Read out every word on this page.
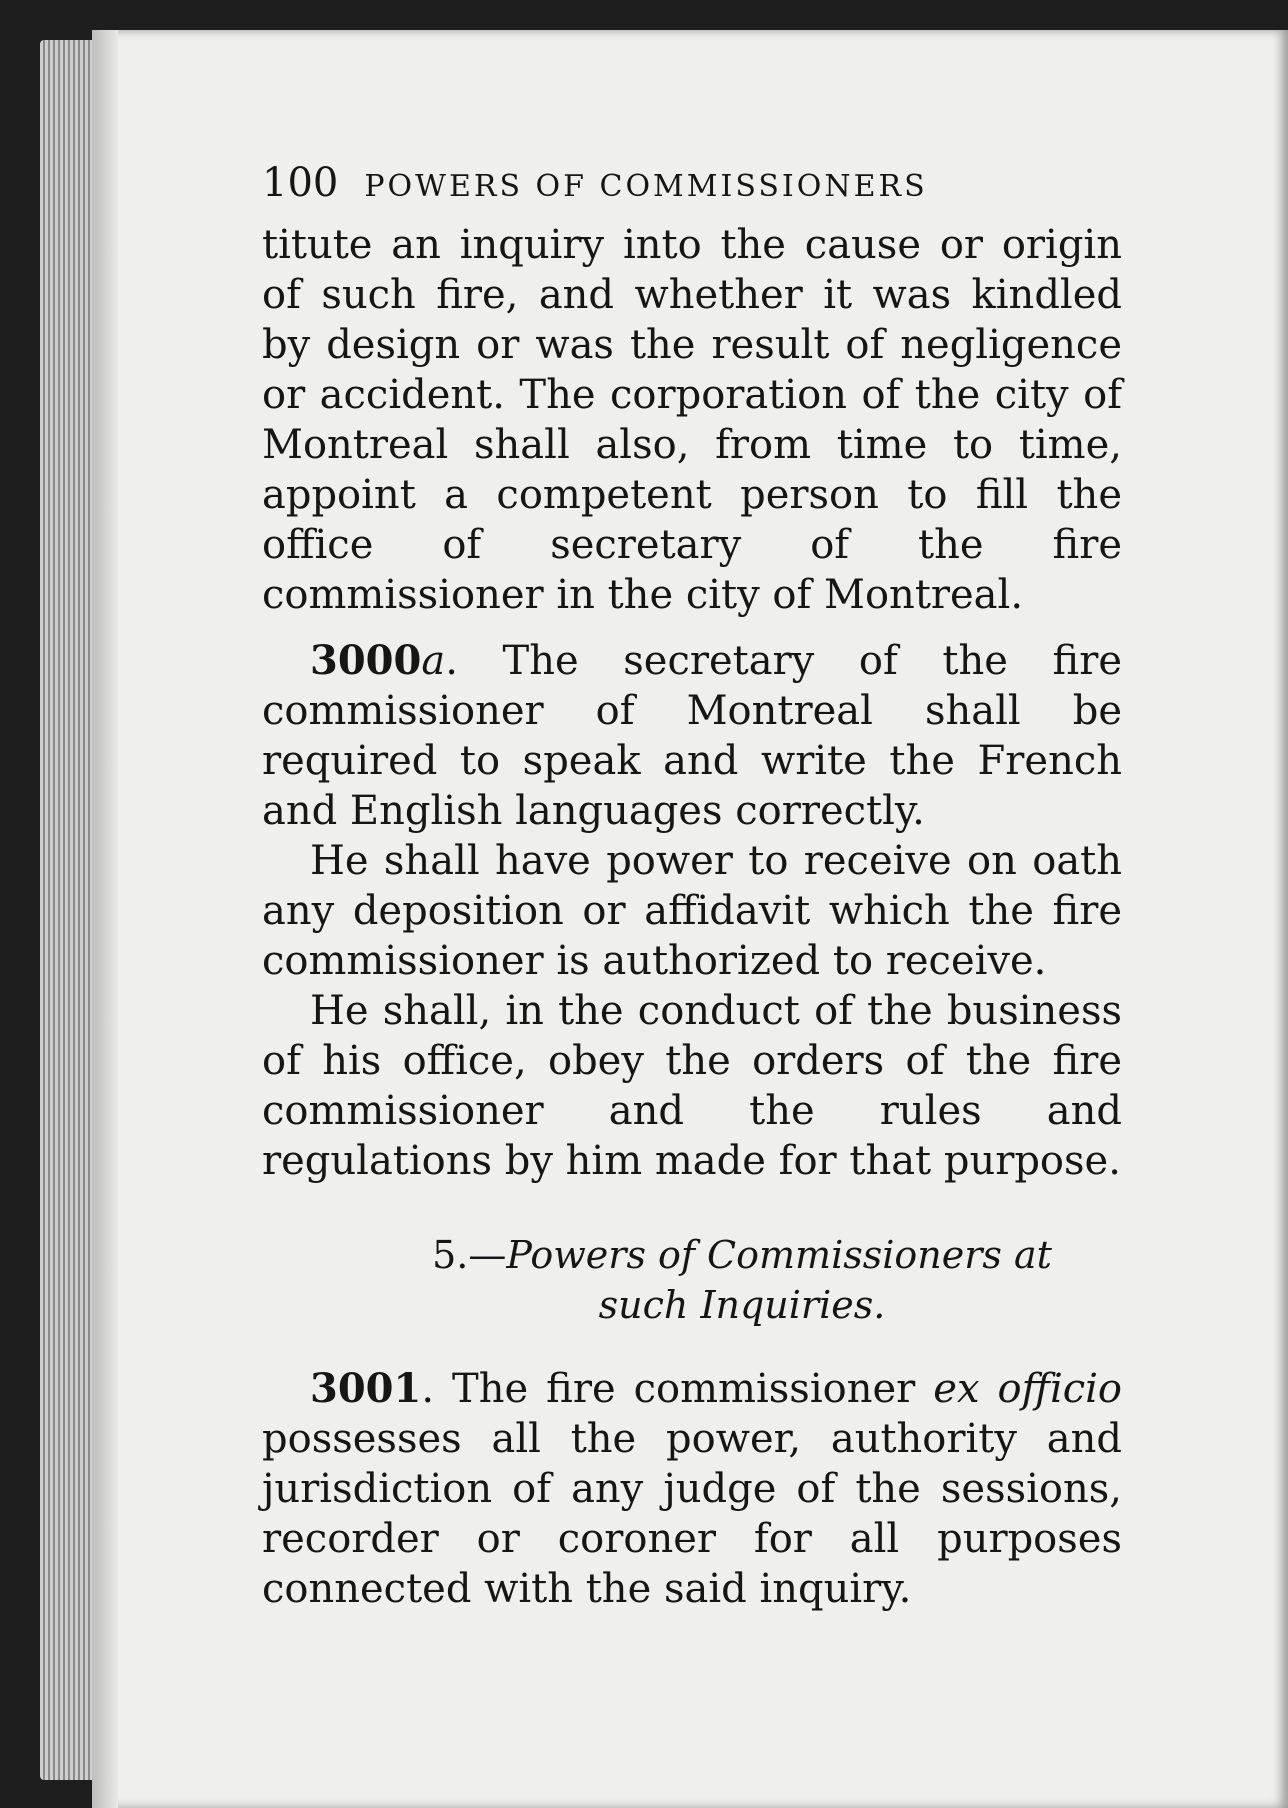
100 POWERS OF COMMISSIONERS

titute an inquiry into the cause or origin of such fire, and whether it was kindled by design or was the result of negligence or accident. The corporation of the city of Montreal shall also, from time to time, appoint a competent person to fill the office of secretary of the fire commissioner in the city of Montreal.

3000a. The secretary of the fire commissioner of Montreal shall be required to speak and write the French and English languages correctly.

He shall have power to receive on oath any deposition or affidavit which the fire commissioner is authorized to receive.

He shall, in the conduct of the business of his office, obey the orders of the fire commissioner and the rules and regulations by him made for that purpose.

5.—Powers of Commissioners at
such Inquiries.

3001. The fire commissioner ex officio possesses all the power, authority and jurisdiction of any judge of the sessions, recorder or coroner for all purposes connected with the said inquiry.
